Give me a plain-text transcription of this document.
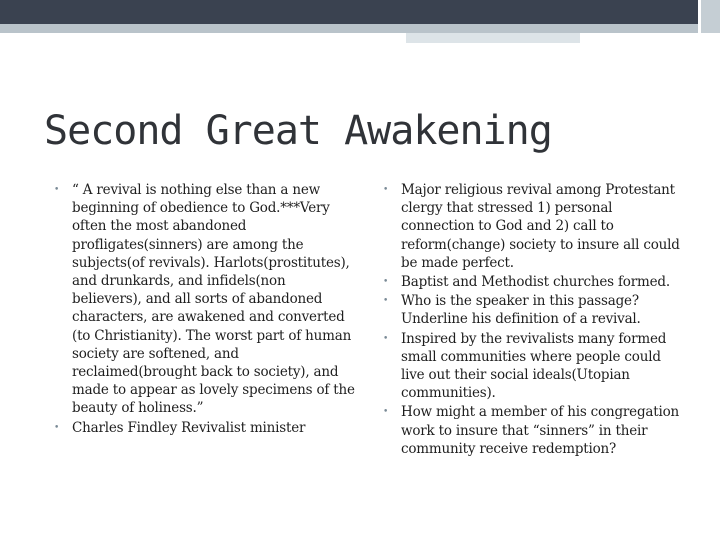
Second Great Awakening
• “ A revival is nothing else than a new beginning of obedience to God.***Very often the most abandoned profligates(sinners) are among the subjects(of revivals). Harlots(prostitutes), and drunkards, and infidels(non believers), and all sorts of abandoned characters, are awakened and converted (to Christianity). The worst part of human society are softened, and reclaimed(brought back to society), and made to appear as lovely specimens of the beauty of holiness.”
• Charles Findley Revivalist minister
• Major religious revival among Protestant clergy that stressed 1) personal connection to God and 2) call to reform(change) society to insure all could be made perfect.
• Baptist and Methodist churches formed.
• Who is the speaker in this passage? Underline his definition of a revival.
• Inspired by the revivalists many formed small communities where people could live out their social ideals(Utopian communities).
• How might a member of his congregation work to insure that “sinners” in their community receive redemption?
